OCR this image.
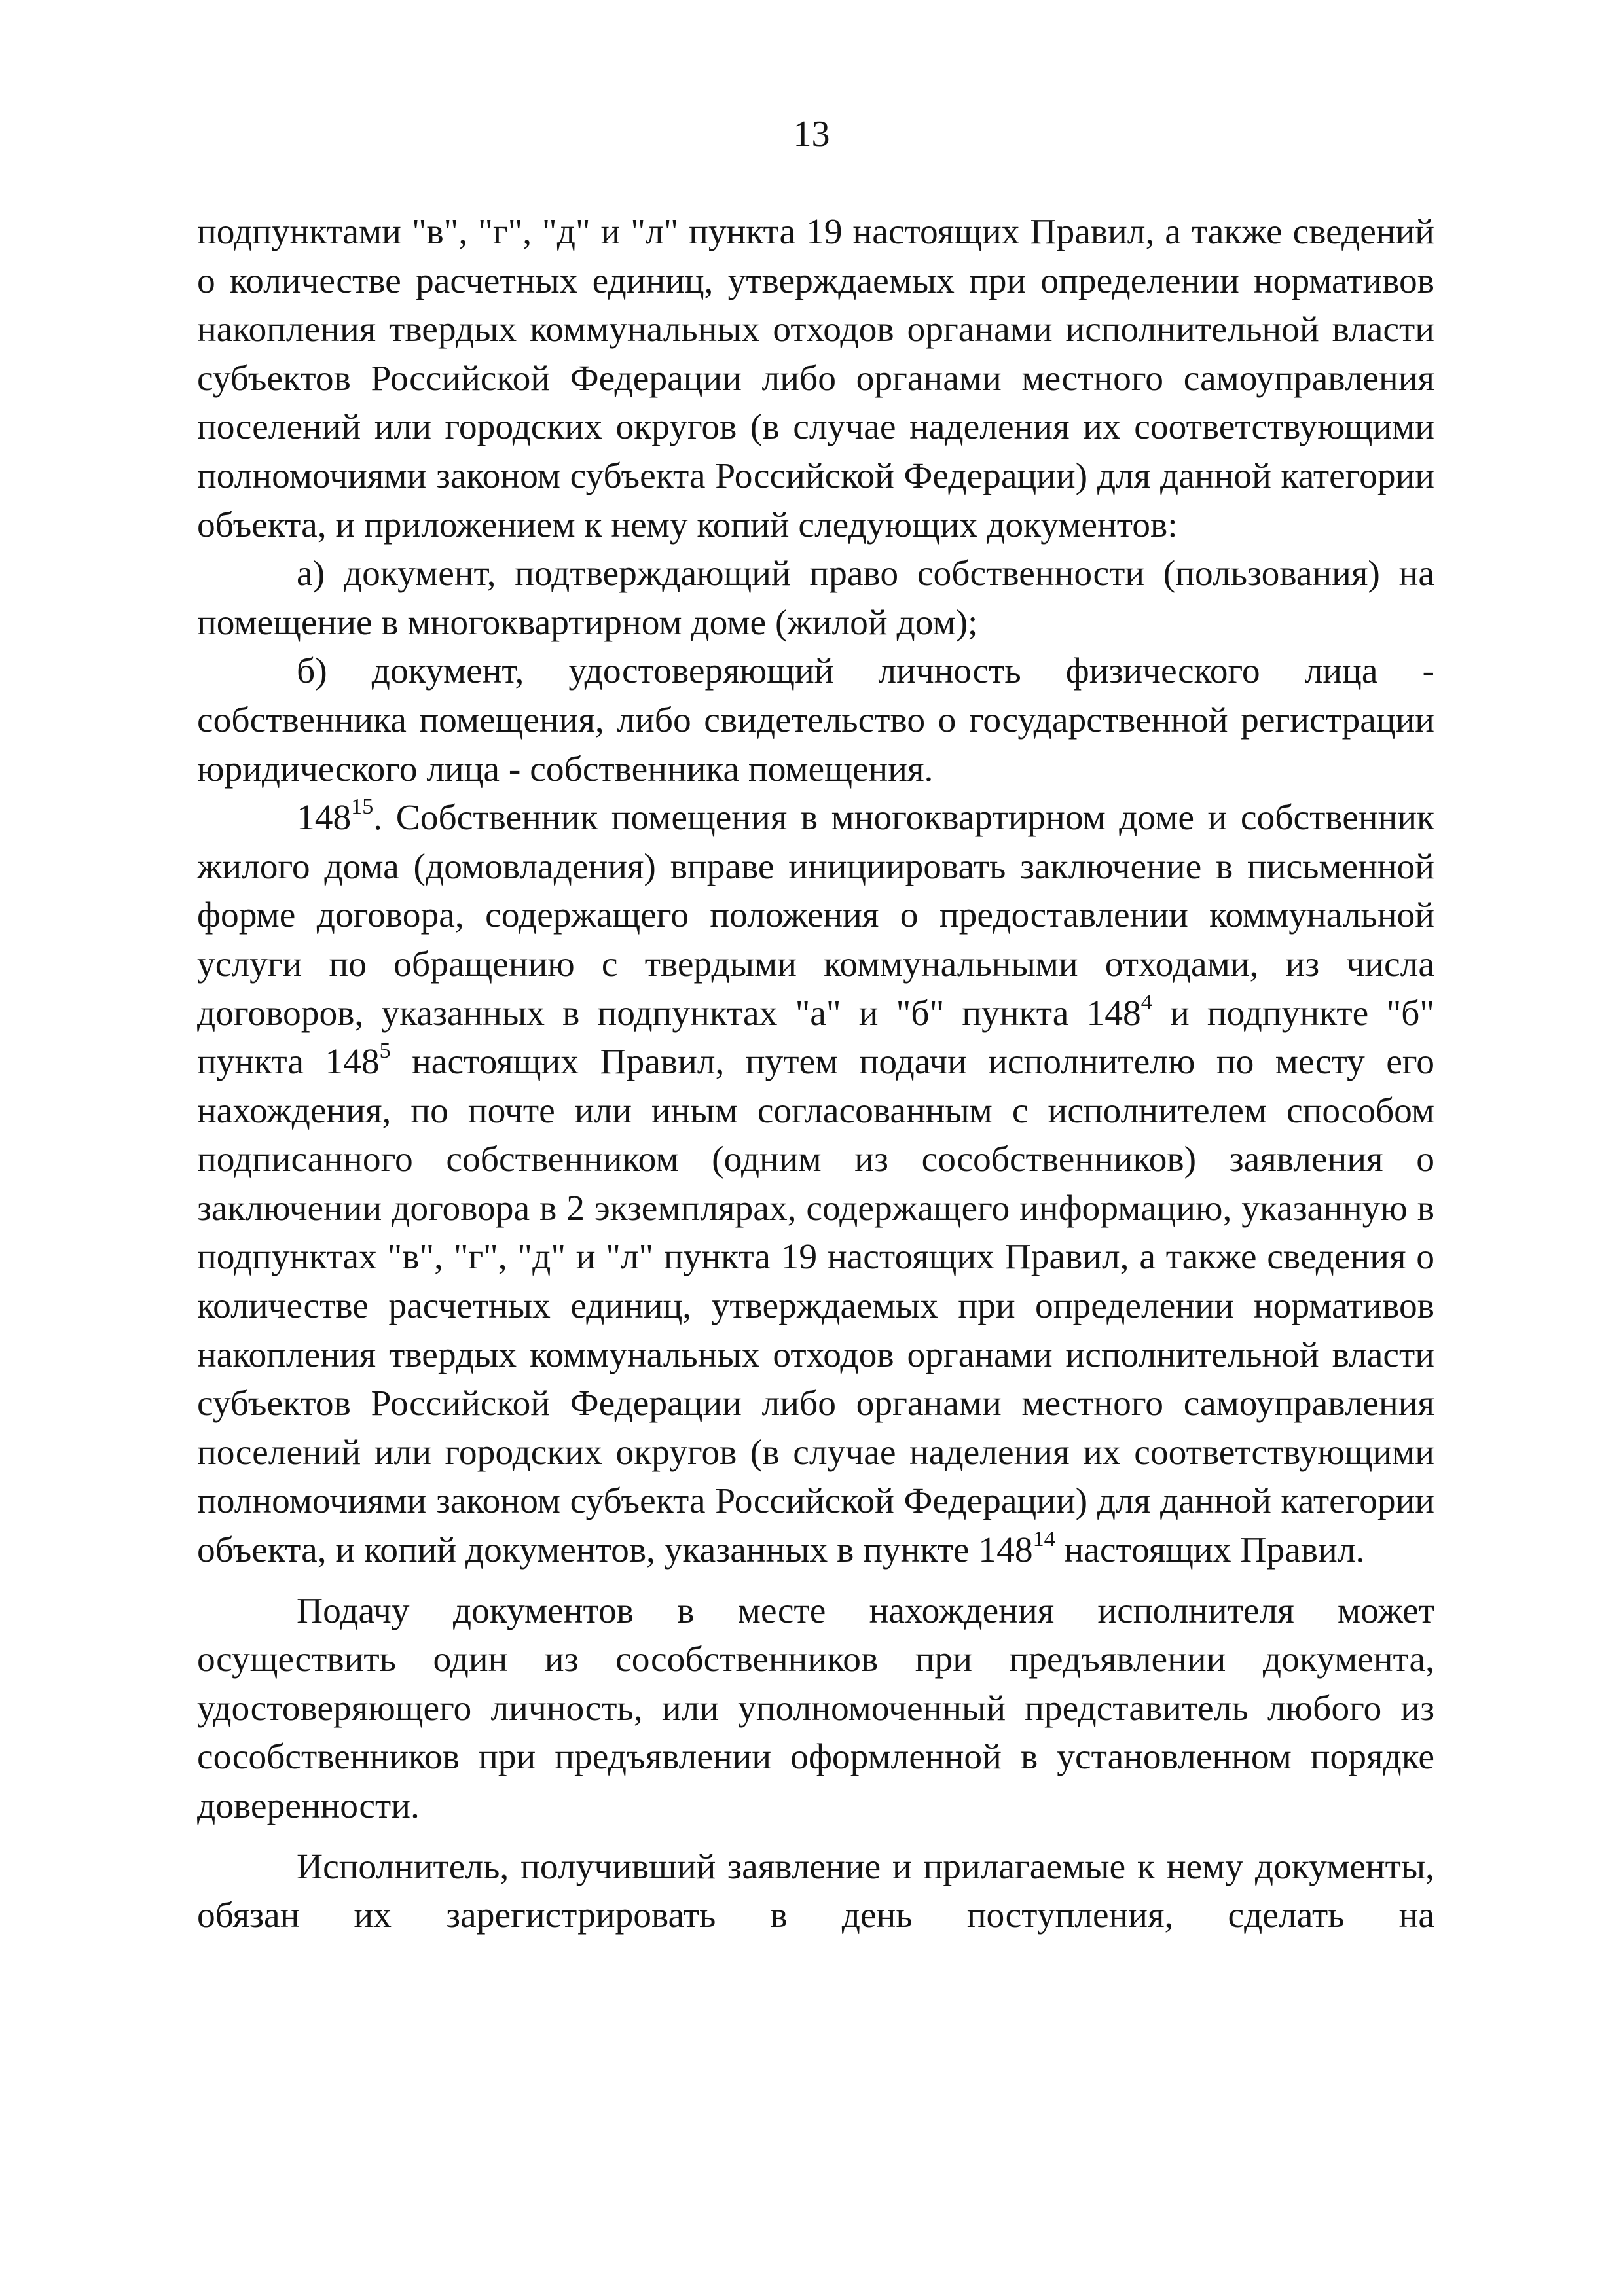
13

подпунктами "в", "г", "д" и "л" пункта 19 настоящих Правил, а также сведений о количестве расчетных единиц, утверждаемых при определении нормативов накопления твердых коммунальных отходов органами исполнительной власти субъектов Российской Федерации либо органами местного самоуправления поселений или городских округов (в случае наделения их соответствующими полномочиями законом субъекта Российской Федерации) для данной категории объекта, и приложением к нему копий следующих документов:

а) документ, подтверждающий право собственности (пользования) на помещение в многоквартирном доме (жилой дом);

б) документ, удостоверяющий личность физического лица - собственника помещения, либо свидетельство о государственной регистрации юридического лица - собственника помещения.

$148^{15}$. Собственник помещения в многоквартирном доме и собственник жилого дома (домовладения) вправе инициировать заключение в письменной форме договора, содержащего положения о предоставлении коммунальной услуги по обращению с твердыми коммунальными отходами, из числа договоров, указанных в подпунктах "а" и "б" пункта $148^4$ и подпункте "б" пункта $148^5$ настоящих Правил, путем подачи исполнителю по месту его нахождения, по почте или иным согласованным с исполнителем способом подписанного собственником (одним из сособственников) заявления о заключении договора в 2 экземплярах, содержащего информацию, указанную в подпунктах "в", "г", "д" и "л" пункта 19 настоящих Правил, а также сведения о количестве расчетных единиц, утверждаемых при определении нормативов накопления твердых коммунальных отходов органами исполнительной власти субъектов Российской Федерации либо органами местного самоуправления поселений или городских округов (в случае наделения их соответствующими полномочиями законом субъекта Российской Федерации) для данной категории объекта, и копий документов, указанных в пункте $148^{14}$ настоящих Правил.

Подачу документов в месте нахождения исполнителя может осуществить один из сособственников при предъявлении документа, удостоверяющего личность, или уполномоченный представитель любого из сособственников при предъявлении оформленной в установленном порядке доверенности.

Исполнитель, получивший заявление и прилагаемые к нему документы, обязан их зарегистрировать в день поступления, сделать на
